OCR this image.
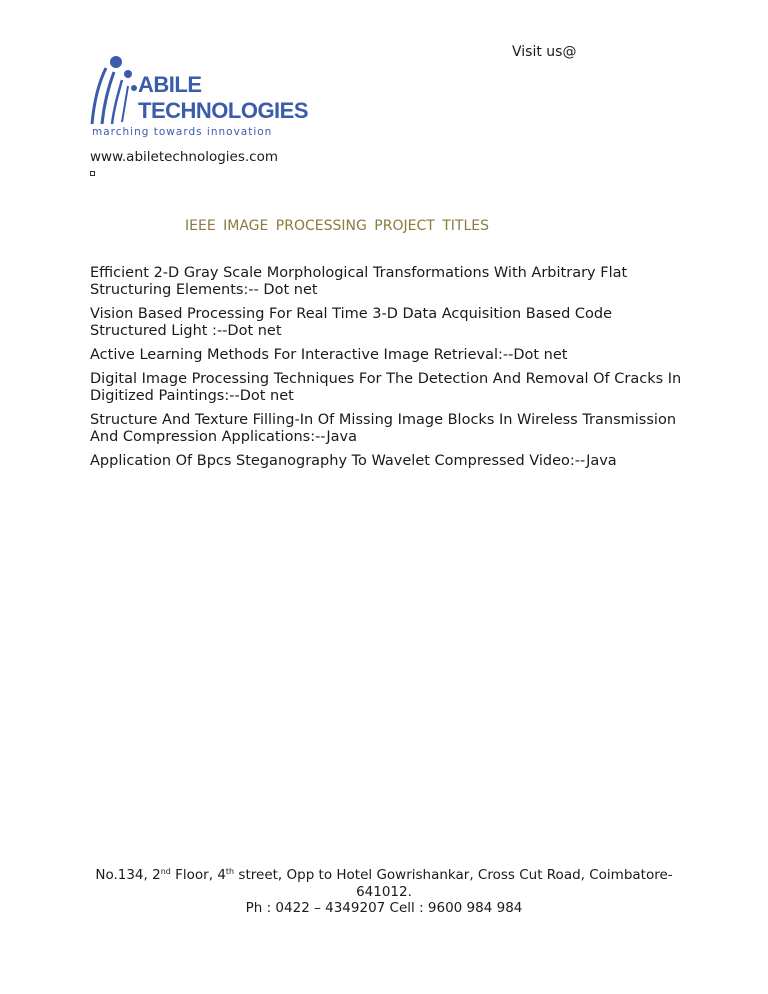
Visit us@
ABILE
TECHNOLOGIES
marching towards innovation
www.abiletechnologies.com
IEEE IMAGE PROCESSING PROJECT TITLES
Efficient 2-D Gray Scale Morphological Transformations With Arbitrary Flat Structuring Elements:-- Dot net
Vision Based Processing For Real Time 3-D Data Acquisition Based Code Structured Light :--Dot net
Active Learning Methods For Interactive Image Retrieval:--Dot net
Digital Image Processing Techniques For The Detection And Removal Of Cracks In Digitized Paintings:--Dot net
Structure And Texture Filling-In Of Missing Image Blocks In Wireless Transmission And Compression Applications:--Java
Application Of Bpcs Steganography To Wavelet Compressed Video:--Java
No.134, 2nd Floor, 4th street, Opp to Hotel Gowrishankar, Cross Cut Road, Coimbatore-641012.
Ph : 0422 – 4349207 Cell : 9600 984 984
